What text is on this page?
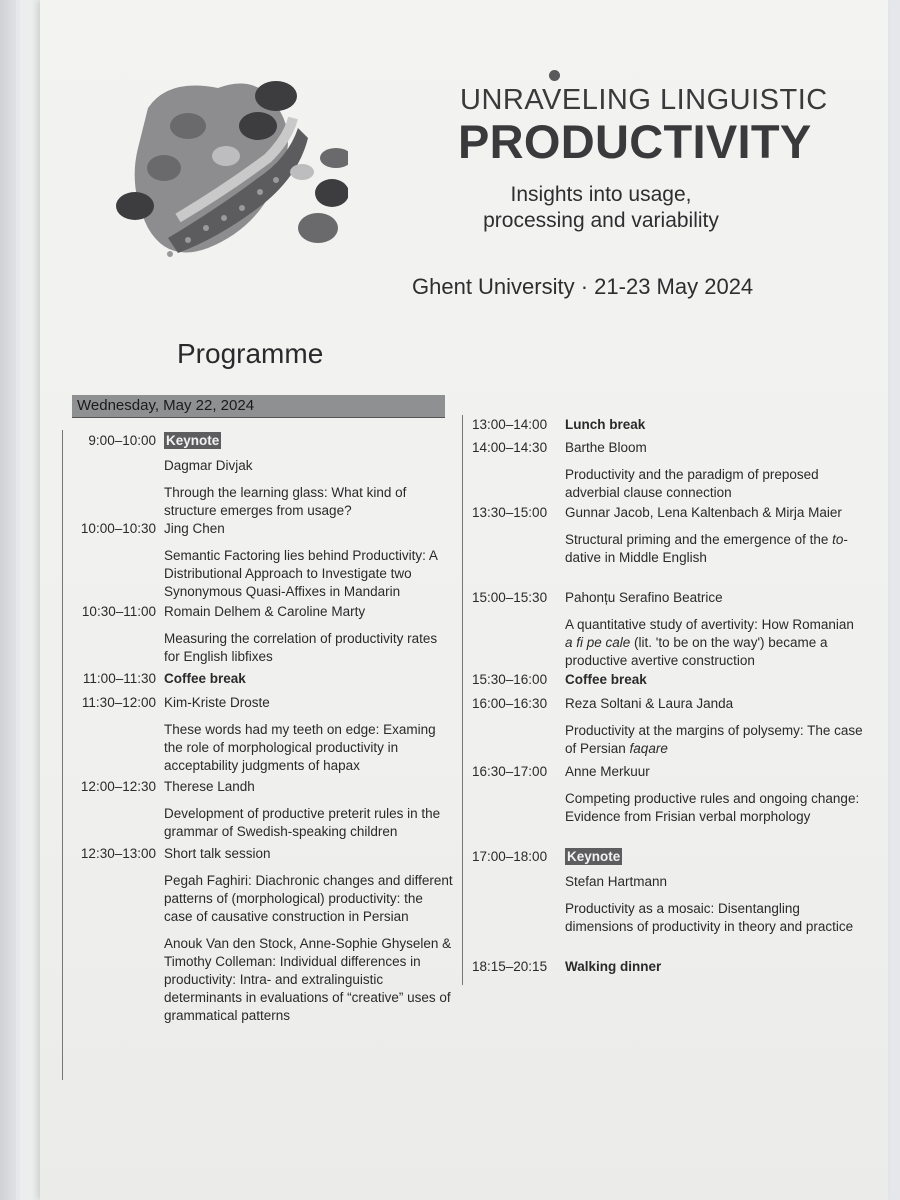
UNRAVELING LINGUISTIC
PRODUCTIVITY
Insights into usage,
processing and variability
Ghent University · 21-23 May 2024
Programme
Wednesday, May 22, 2024
9:00–10:00 Keynote
Dagmar Divjak
Through the learning glass: What kind of structure emerges from usage?
10:00–10:30 Jing Chen
Semantic Factoring lies behind Productivity: A Distributional Approach to Investigate two Synonymous Quasi-Affixes in Mandarin
10:30–11:00 Romain Delhem & Caroline Marty
Measuring the correlation of productivity rates for English libfixes
11:00–11:30 Coffee break
11:30–12:00 Kim-Kriste Droste
These words had my teeth on edge: Examing the role of morphological productivity in acceptability judgments of hapax
12:00–12:30 Therese Landh
Development of productive preterit rules in the grammar of Swedish-speaking children
12:30–13:00 Short talk session
Pegah Faghiri: Diachronic changes and different patterns of (morphological) productivity: the case of causative construction in Persian
Anouk Van den Stock, Anne-Sophie Ghyselen & Timothy Colleman: Individual differences in productivity: Intra- and extralinguistic determinants in evaluations of “creative” uses of grammatical patterns
13:00–14:00	Lunch break
14:00–14:30	Barthe Bloom
Productivity and the paradigm of preposed adverbial clause connection
13:30–15:00	Gunnar Jacob, Lena Kaltenbach & Mirja Maier
Structural priming and the emergence of the to-dative in Middle English
15:00–15:30	Pahonțu Serafino Beatrice
A quantitative study of avertivity: How Romanian a fi pe cale (lit. 'to be on the way') became a productive avertive construction
15:30–16:00	Coffee break
16:00–16:30	Reza Soltani & Laura Janda
Productivity at the margins of polysemy: The case of Persian faqare
16:30–17:00	Anne Merkuur
Competing productive rules and ongoing change: Evidence from Frisian verbal morphology
17:00–18:00	Keynote
Stefan Hartmann
Productivity as a mosaic: Disentangling dimensions of productivity in theory and practice
18:15–20:15	Walking dinner
